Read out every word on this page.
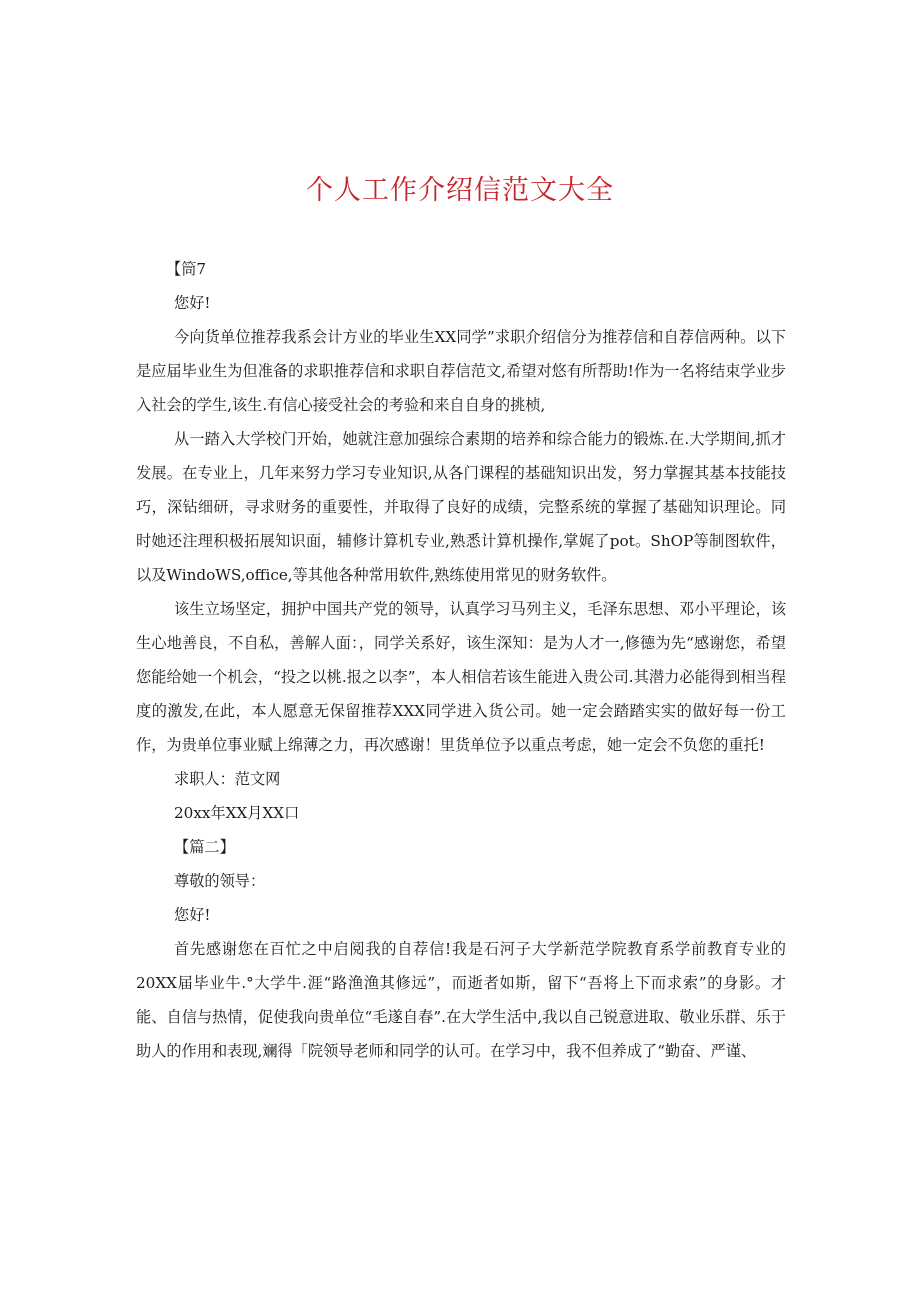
个人工作介绍信范文大全

【筒7

您好!

今向货单位推荐我系会计方业的毕业生XX同学”求职介绍信分为推荐信和自荐信两种。以下是应届毕业生为但准备的求职推荐信和求职自荐信范文,希望对悠有所帮助!作为一名将结束学业步入社会的学生,该生.有信心接受社会的考验和来自自身的挑桢,

从一踏入大学校门开始，她就注意加强综合素期的培养和综合能力的锻炼.在.大学期间,抓才发展。在专业上，几年来努力学习专业知识,从各门课程的基础知识出发，努力掌握其基本技能技巧，深钻细研，寻求财务的重要性，并取得了良好的成绩，完整系统的掌握了基础知识理论。同时她还注理积极拓展知识面，辅修计算机专业,熟悉计算机操作,掌娓了pot。ShOP等制图软件，以及WindoWS,office,等其他各种常用软件,熟练使用常见的财务软件。

该生立场坚定，拥护中国共产党的领导，认真学习马列主义，毛泽东思想、邓小平理论，该生心地善良，不自私，善解人面：，同学关系好，该生深知：是为人才一,修德为先“感谢您，希望您能给她一个机会，“投之以桃.报之以李”，本人相信若该生能进入贵公司.其潜力必能得到相当程度的激发,在此，本人愿意无保留推荐XXX同学进入货公司。她一定会踏踏实实的做好每一份工作，为贵单位事业赋上绵薄之力，再次感谢！里货单位予以重点考虑，她一定会不负您的重托!

求职人：范文网

20xx年XX月XX口

【篇二】

尊敬的领导：

您好!

首先感谢您在百忙之中启阅我的自荐信!我是石河子大学新范学院教育系学前教育专业的20XX届毕业牛.°大学牛.涯“路渔渔其修远”，而逝者如斯，留下“吾将上下而求索”的身影。才能、自信与热情，促使我向贵单位“毛遂自春”.在大学生活中,我以自己锐意进取、敬业乐群、乐于助人的作用和表现,斓得「院领导老师和同学的认可。在学习中，我不但养成了“勤奋、严谨、
